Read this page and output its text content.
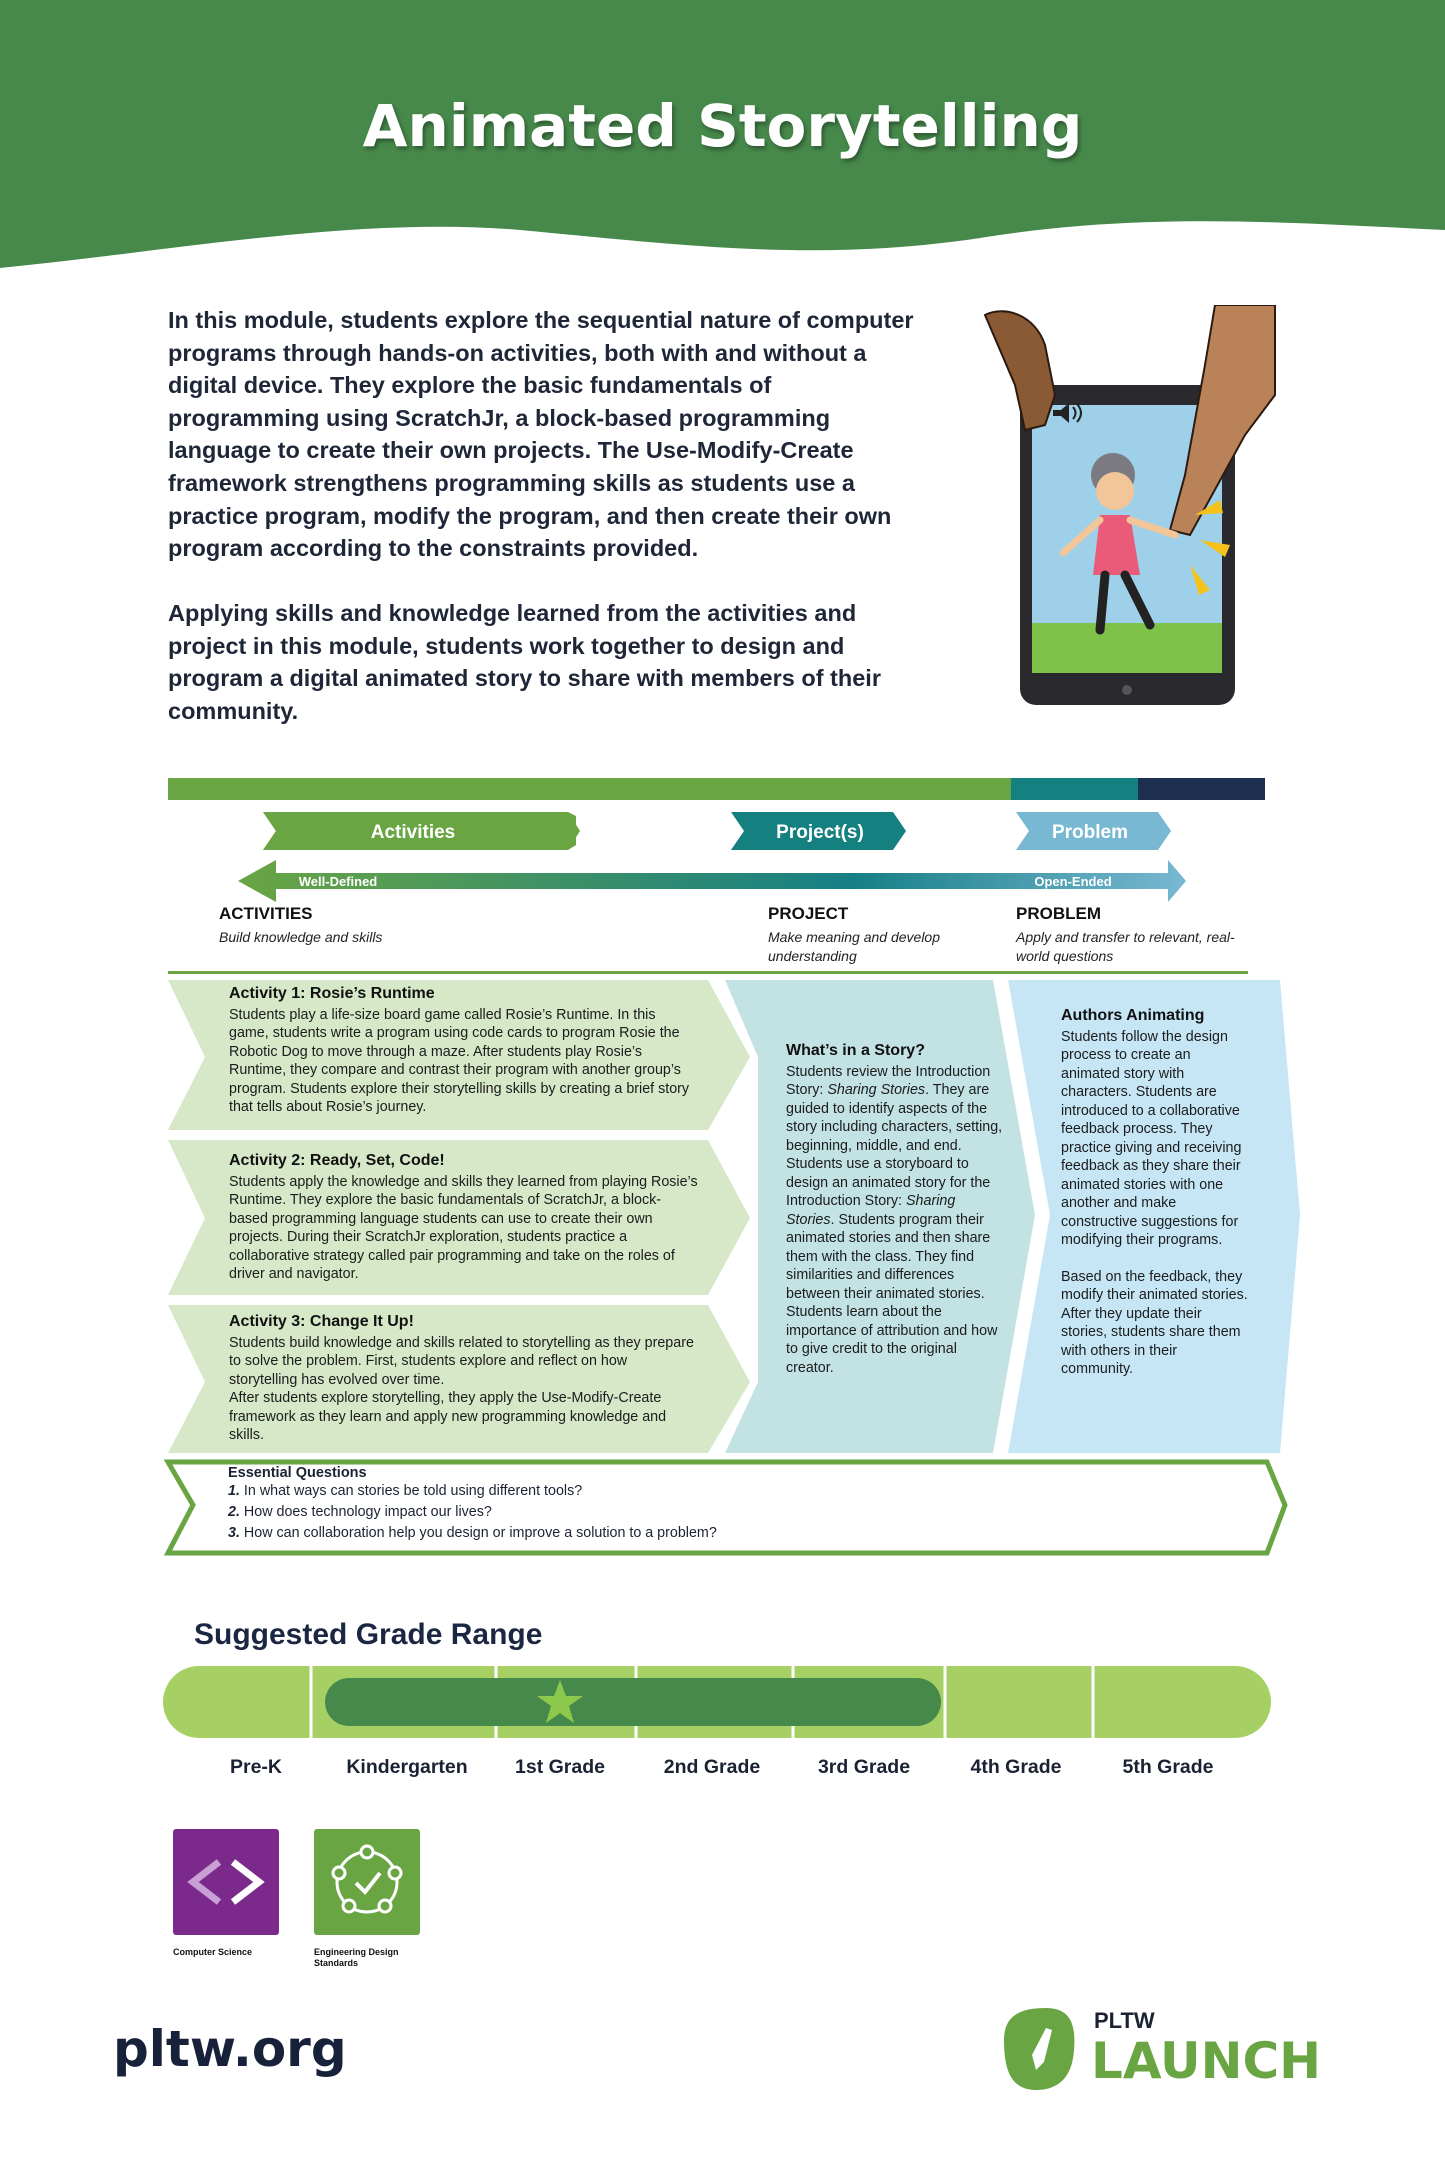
Animated Storytelling

In this module, students explore the sequential nature of computer programs through hands-on activities, both with and without a digital device. They explore the basic fundamentals of programming using ScratchJr, a block-based programming language to create their own projects. The Use-Modify-Create framework strengthens programming skills as students use a practice program, modify the program, and then create their own program according to the constraints provided.

Applying skills and knowledge learned from the activities and project in this module, students work together to design and program a digital animated story to share with members of their community.

Activities	Project(s)	Problem
Well-Defined	Open-Ended
ACTIVITIES
Build knowledge and skills
PROJECT
Make meaning and develop understanding
PROBLEM
Apply and transfer to relevant, real-world questions
Activity 1: Rosie’s Runtime

Students play a life-size board game called Rosie’s Runtime. In this game, students write a program using code cards to program Rosie the Robotic Dog to move through a maze. After students play Rosie’s Runtime, they compare and contrast their program with another group’s program. Students explore their storytelling skills by creating a brief story that tells about Rosie’s journey.

Activity 2: Ready, Set, Code!

Students apply the knowledge and skills they learned from playing Rosie’s Runtime. They explore the basic fundamentals of ScratchJr, a block-based programming language students can use to create their own projects. During their ScratchJr exploration, students practice a collaborative strategy called pair programming and take on the roles of driver and navigator.

Activity 3: Change It Up!

Students build knowledge and skills related to storytelling as they prepare to solve the problem. First, students explore and reflect on how storytelling has evolved over time.

After students explore storytelling, they apply the Use-Modify-Create framework as they learn and apply new programming knowledge and skills.

What’s in a Story?

Students review the Introduction Story: Sharing Stories. They are guided to identify aspects of the story including characters, setting, beginning, middle, and end. Students use a storyboard to design an animated story for the Introduction Story: Sharing Stories. Students program their animated stories and then share them with the class. They find similarities and differences between their animated stories. Students learn about the importance of attribution and how to give credit to the original creator.

Authors Animating

Students follow the design process to create an animated story with characters. Students are introduced to a collaborative feedback process. They practice giving and receiving feedback as they share their animated stories with one another and make constructive suggestions for modifying their programs.

Based on the feedback, they modify their animated stories. After they update their stories, students share them with others in their community.

Essential Questions
1. In what ways can stories be told using different tools?
2. How does technology impact our lives?
3. How can collaboration help you design or improve a solution to a problem?
Suggested Grade Range
Pre-K	Kindergarten	1st Grade	2nd Grade	3rd Grade	4th Grade	5th Grade
Computer Science	Engineering Design Standards
pltw.org	PLTW
LAUNCH
